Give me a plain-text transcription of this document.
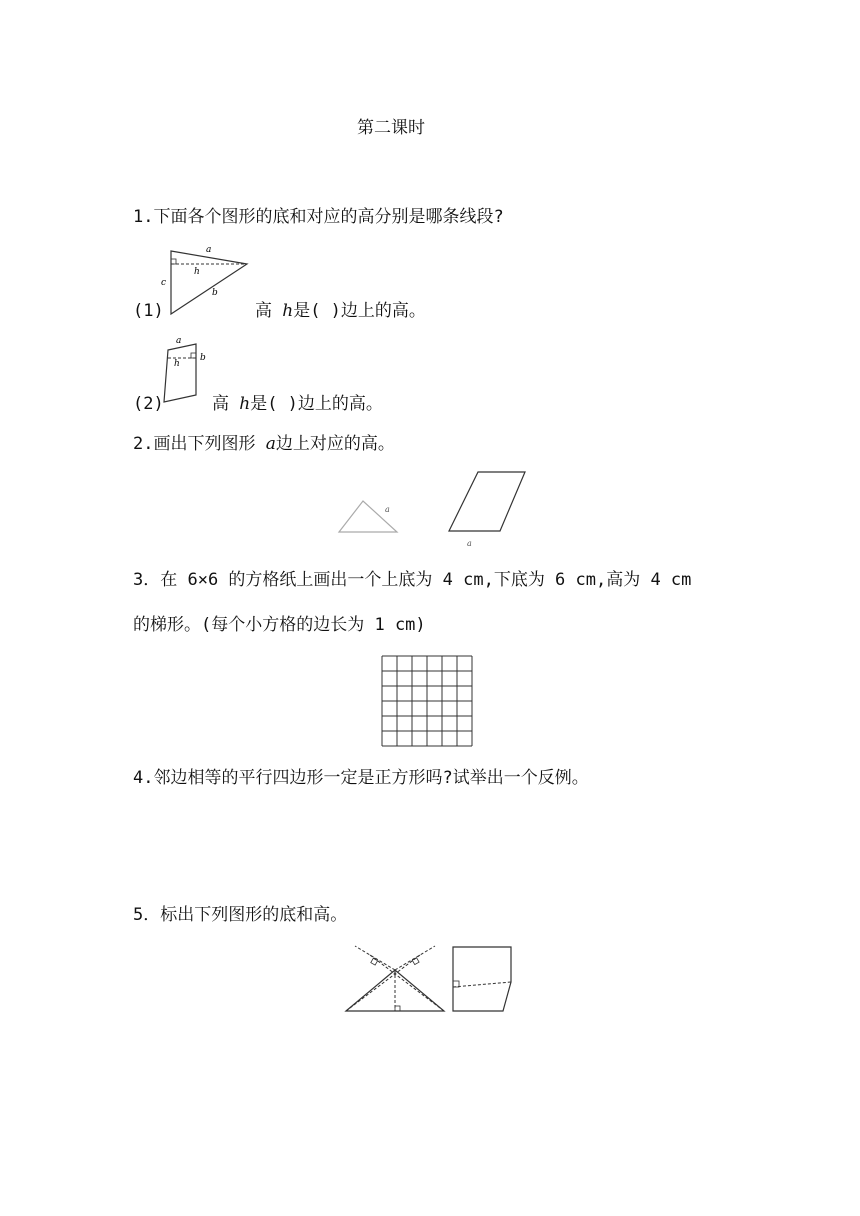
第二课时
1.下面各个图形的底和对应的高分别是哪条线段?
a
h
b
c
(1)	高 h是( )边上的高。
a
h
b
(2)	高 h是( )边上的高。
2.画出下列图形 a边上对应的高。
a
a
3．在 6×6 的方格纸上画出一个上底为 4 cm,下底为 6 cm,高为 4 cm
的梯形。(每个小方格的边长为 1 cm)
4.邻边相等的平行四边形一定是正方形吗?试举出一个反例。
5．标出下列图形的底和高。
